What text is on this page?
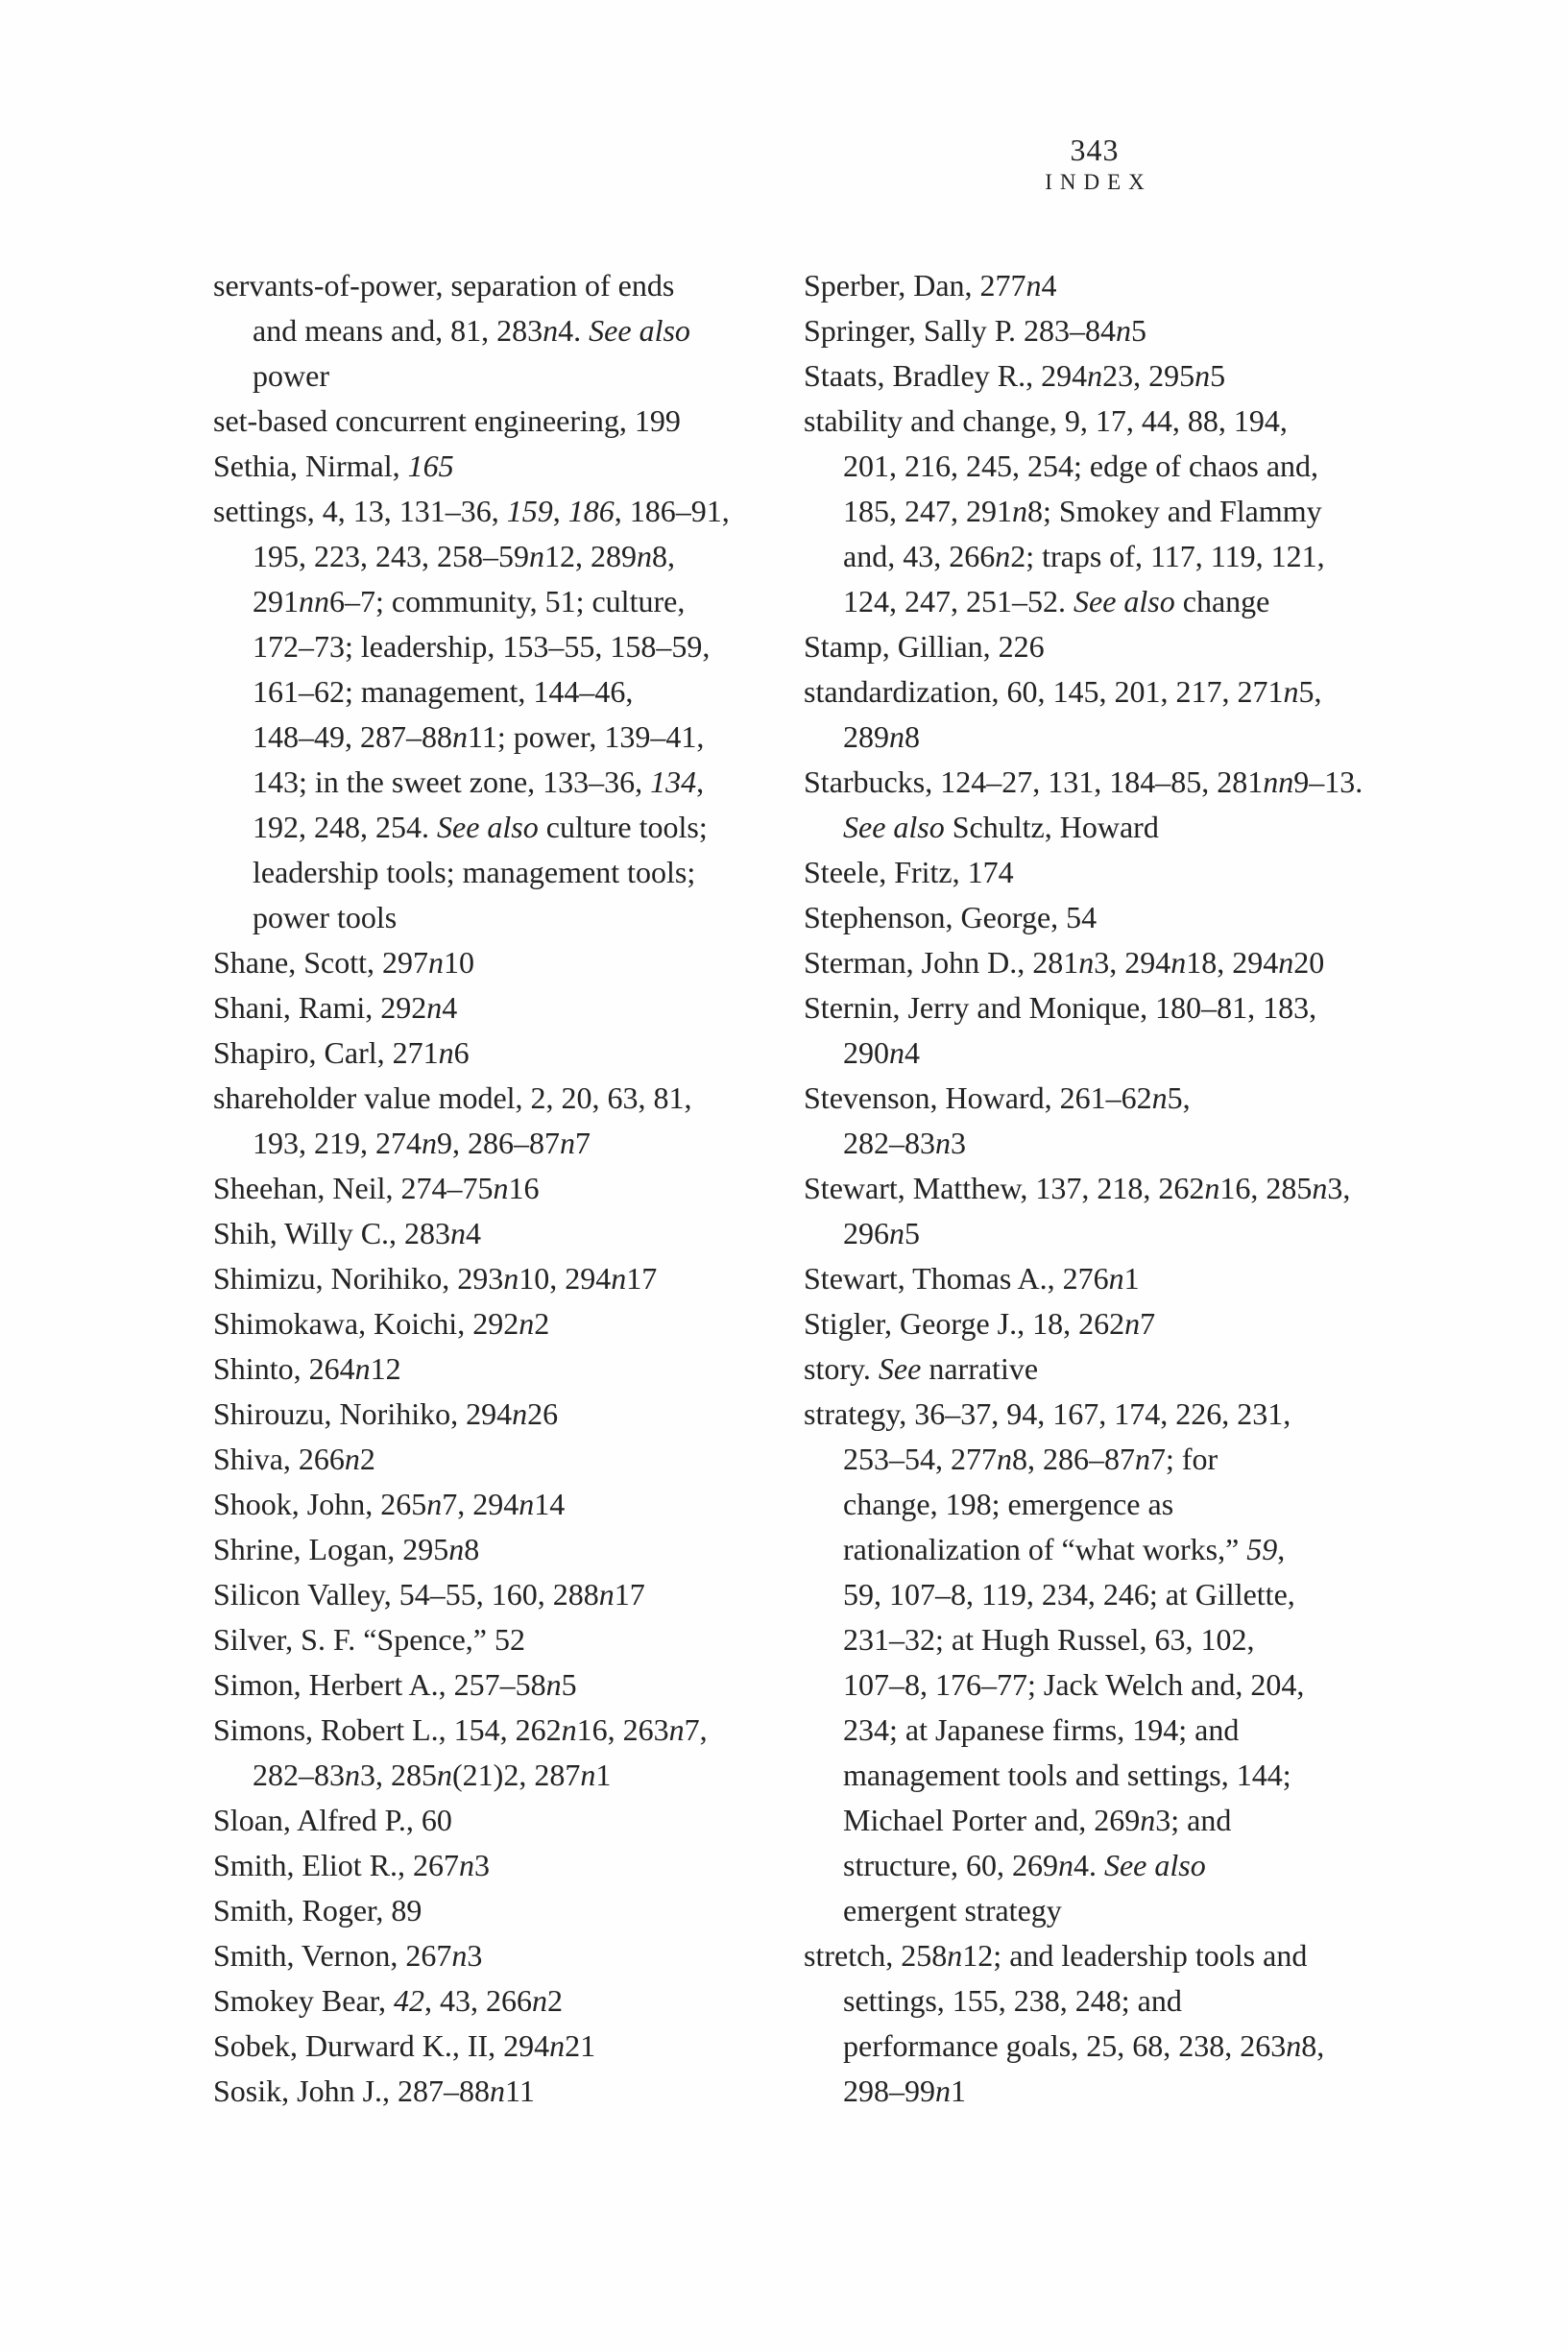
343
INDEX
servants-of-power, separation of ends
and means and, 81, 283n4. See also
power
set-based concurrent engineering, 199
Sethia, Nirmal, 165
settings, 4, 13, 131–36, 159, 186, 186–91,
195, 223, 243, 258–59n12, 289n8,
291nn6–7; community, 51; culture,
172–73; leadership, 153–55, 158–59,
161–62; management, 144–46,
148–49, 287–88n11; power, 139–41,
143; in the sweet zone, 133–36, 134,
192, 248, 254. See also culture tools;
leadership tools; management tools;
power tools
Shane, Scott, 297n10
Shani, Rami, 292n4
Shapiro, Carl, 271n6
shareholder value model, 2, 20, 63, 81,
193, 219, 274n9, 286–87n7
Sheehan, Neil, 274–75n16
Shih, Willy C., 283n4
Shimizu, Norihiko, 293n10, 294n17
Shimokawa, Koichi, 292n2
Shinto, 264n12
Shirouzu, Norihiko, 294n26
Shiva, 266n2
Shook, John, 265n7, 294n14
Shrine, Logan, 295n8
Silicon Valley, 54–55, 160, 288n17
Silver, S. F. “Spence,” 52
Simon, Herbert A., 257–58n5
Simons, Robert L., 154, 262n16, 263n7,
282–83n3, 285n(21)2, 287n1
Sloan, Alfred P., 60
Smith, Eliot R., 267n3
Smith, Roger, 89
Smith, Vernon, 267n3
Smokey Bear, 42, 43, 266n2
Sobek, Durward K., II, 294n21
Sosik, John J., 287–88n11
Sperber, Dan, 277n4
Springer, Sally P. 283–84n5
Staats, Bradley R., 294n23, 295n5
stability and change, 9, 17, 44, 88, 194,
201, 216, 245, 254; edge of chaos and,
185, 247, 291n8; Smokey and Flammy
and, 43, 266n2; traps of, 117, 119, 121,
124, 247, 251–52. See also change
Stamp, Gillian, 226
standardization, 60, 145, 201, 217, 271n5,
289n8
Starbucks, 124–27, 131, 184–85, 281nn9–13.
See also Schultz, Howard
Steele, Fritz, 174
Stephenson, George, 54
Sterman, John D., 281n3, 294n18, 294n20
Sternin, Jerry and Monique, 180–81, 183,
290n4
Stevenson, Howard, 261–62n5,
282–83n3
Stewart, Matthew, 137, 218, 262n16, 285n3,
296n5
Stewart, Thomas A., 276n1
Stigler, George J., 18, 262n7
story. See narrative
strategy, 36–37, 94, 167, 174, 226, 231,
253–54, 277n8, 286–87n7; for
change, 198; emergence as
rationalization of “what works,” 59,
59, 107–8, 119, 234, 246; at Gillette,
231–32; at Hugh Russel, 63, 102,
107–8, 176–77; Jack Welch and, 204,
234; at Japanese firms, 194; and
management tools and settings, 144;
Michael Porter and, 269n3; and
structure, 60, 269n4. See also
emergent strategy
stretch, 258n12; and leadership tools and
settings, 155, 238, 248; and
performance goals, 25, 68, 238, 263n8,
298–99n1
